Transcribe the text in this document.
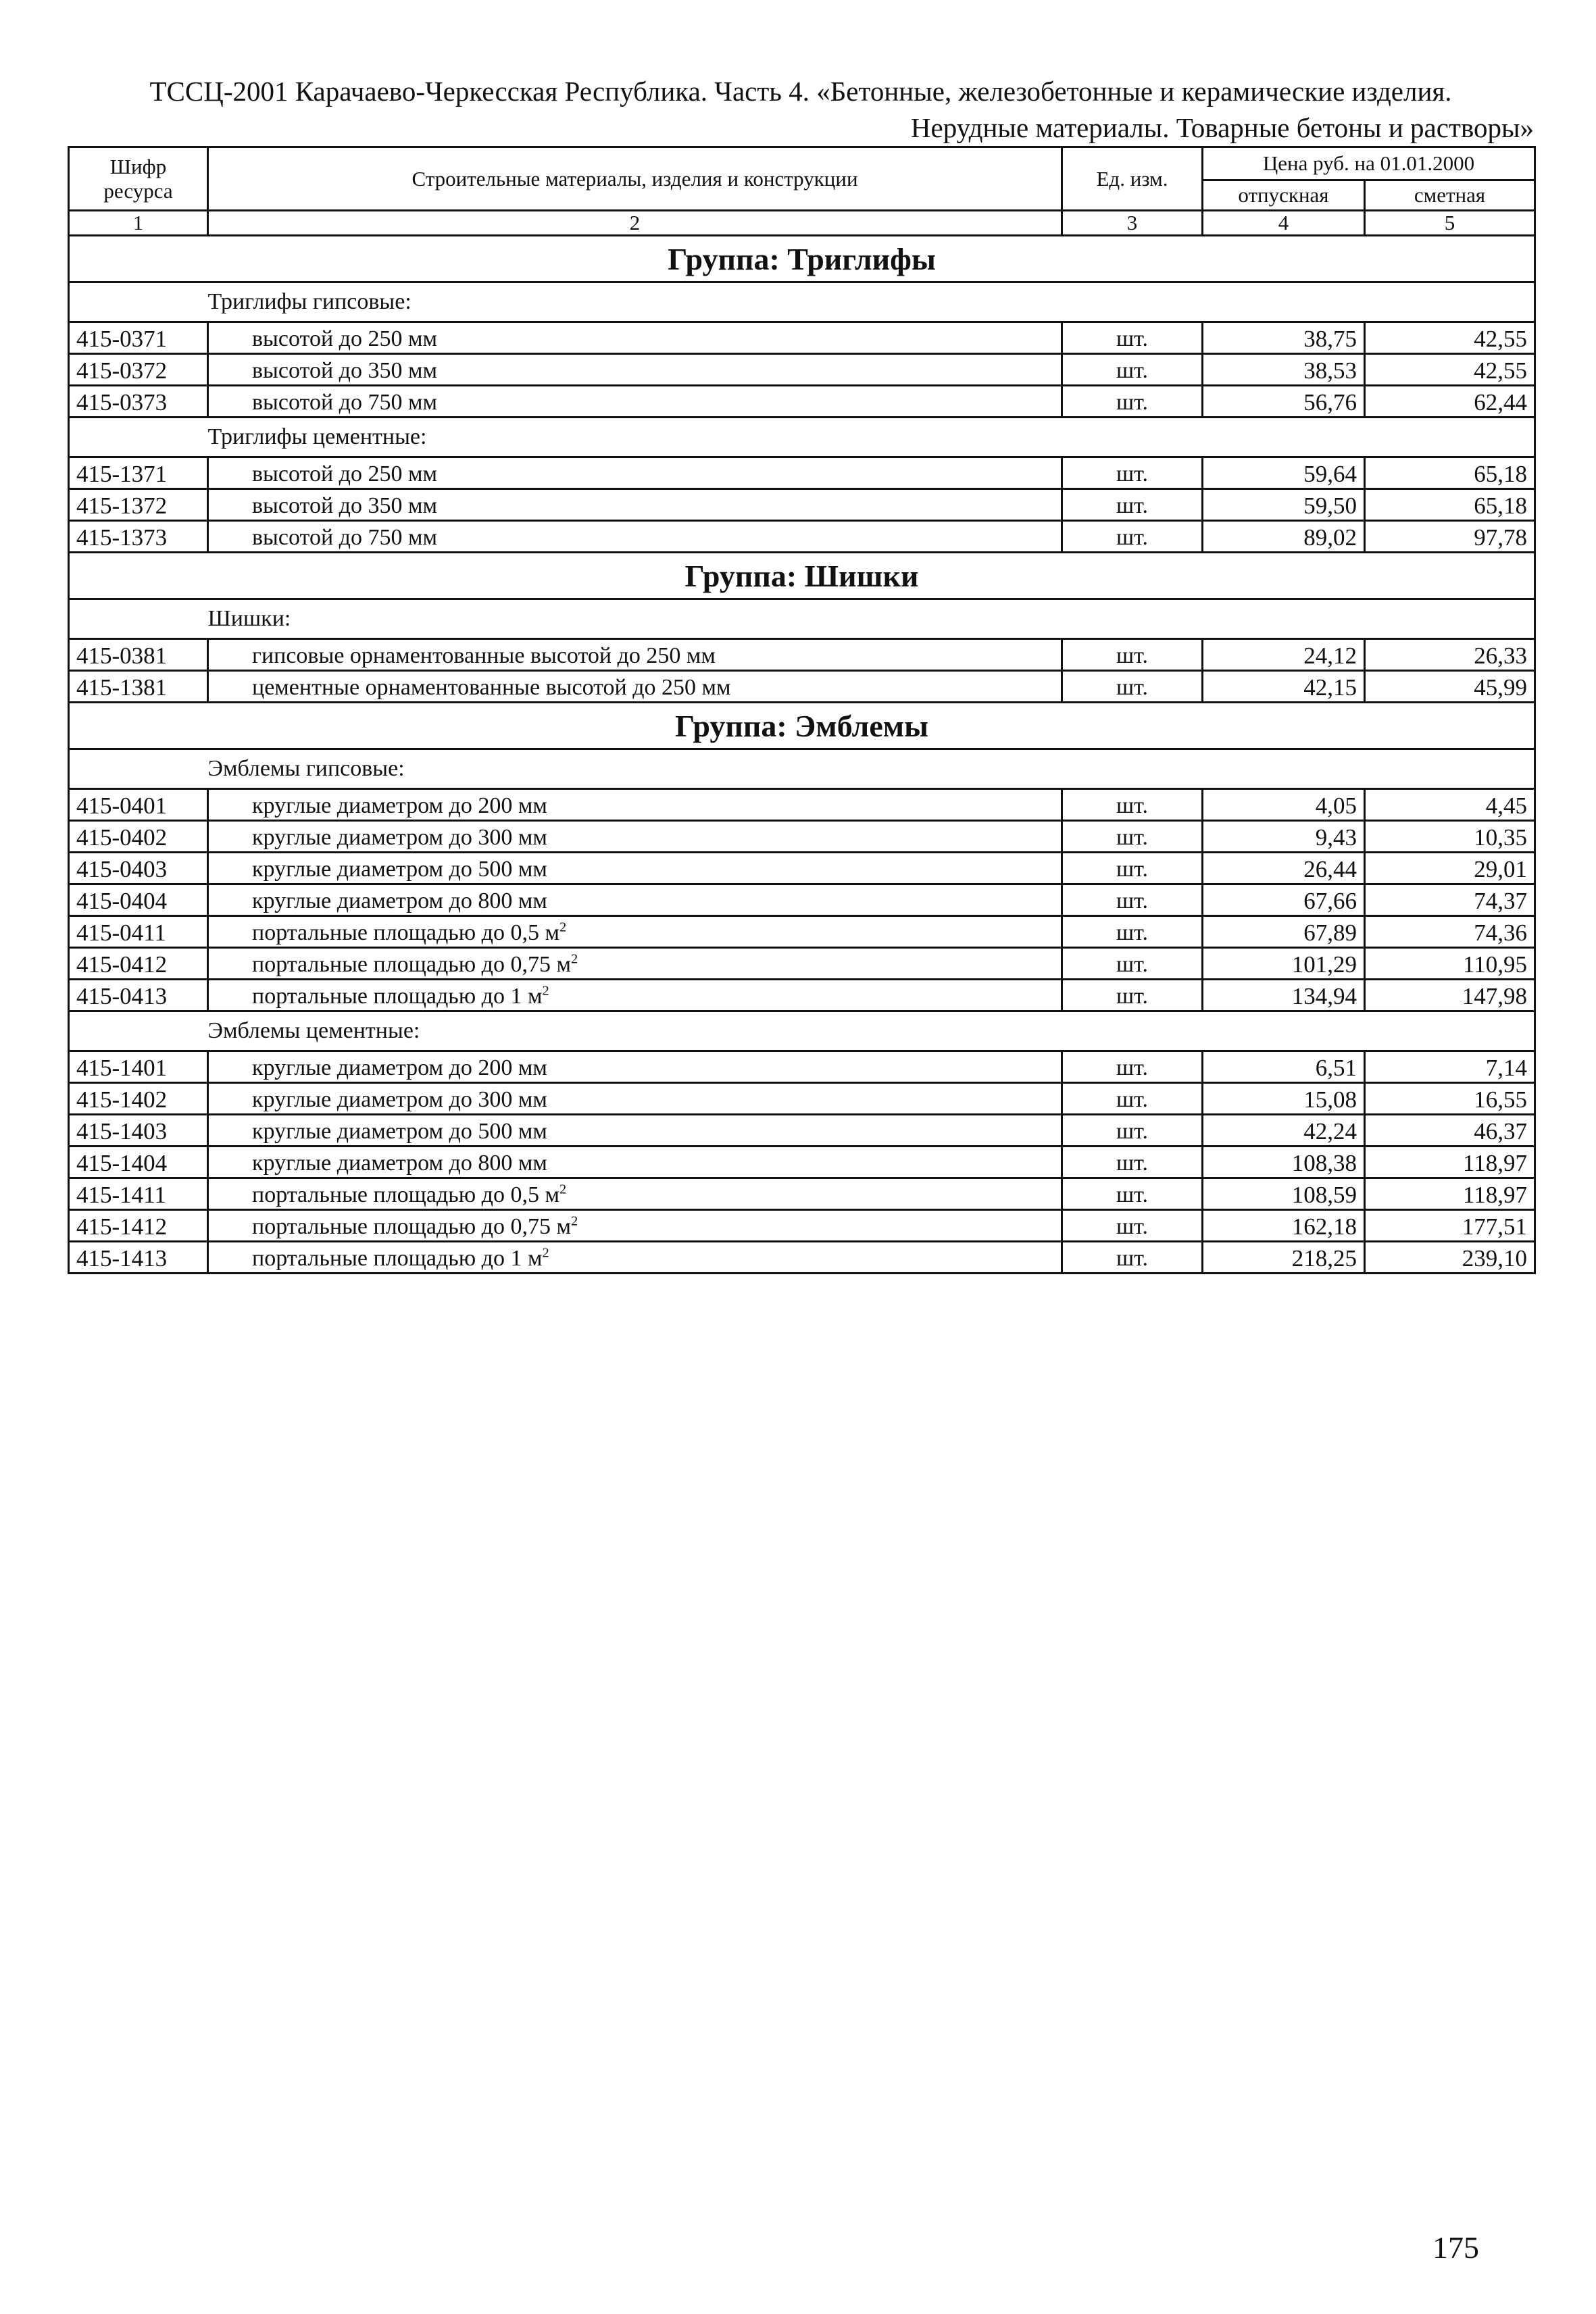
ТССЦ-2001 Карачаево-Черкесская Республика. Часть 4. «Бетонные, железобетонные и керамические изделия.
Нерудные материалы. Товарные бетоны и растворы»
Шифр ресурса	Строительные материалы, изделия и конструкции	Ед. изм.	Цена руб. на 01.01.2000	
			отпускная	сметная
1	2	3	4	5
Группа: Триглифы				
	Триглифы гипсовые:			
415-0371	высотой до 250 мм	шт.	38,75	42,55
415-0372	высотой до 350 мм	шт.	38,53	42,55
415-0373	высотой до 750 мм	шт.	56,76	62,44
	Триглифы цементные:			
415-1371	высотой до 250 мм	шт.	59,64	65,18
415-1372	высотой до 350 мм	шт.	59,50	65,18
415-1373	высотой до 750 мм	шт.	89,02	97,78
Группа: Шишки				
	Шишки:			
415-0381	гипсовые орнаментованные высотой до 250 мм	шт.	24,12	26,33
415-1381	цементные орнаментованные высотой до 250 мм	шт.	42,15	45,99
Группа: Эмблемы				
	Эмблемы гипсовые:			
415-0401	круглые диаметром до 200 мм	шт.	4,05	4,45
415-0402	круглые диаметром до 300 мм	шт.	9,43	10,35
415-0403	круглые диаметром до 500 мм	шт.	26,44	29,01
415-0404	круглые диаметром до 800 мм	шт.	67,66	74,37
415-0411	портальные площадью до 0,5 $м^2$	шт.	67,89	74,36
415-0412	портальные площадью до 0,75 $м^2$	шт.	101,29	110,95
415-0413	портальные площадью до 1 $м^2$	шт.	134,94	147,98
	Эмблемы цементные:			
415-1401	круглые диаметром до 200 мм	шт.	6,51	7,14
415-1402	круглые диаметром до 300 мм	шт.	15,08	16,55
415-1403	круглые диаметром до 500 мм	шт.	42,24	46,37
415-1404	круглые диаметром до 800 мм	шт.	108,38	118,97
415-1411	портальные площадью до 0,5 $м^2$	шт.	108,59	118,97
415-1412	портальные площадью до 0,75 $м^2$	шт.	162,18	177,51
415-1413	портальные площадью до 1 $м^2$	шт.	218,25	239,10
175
